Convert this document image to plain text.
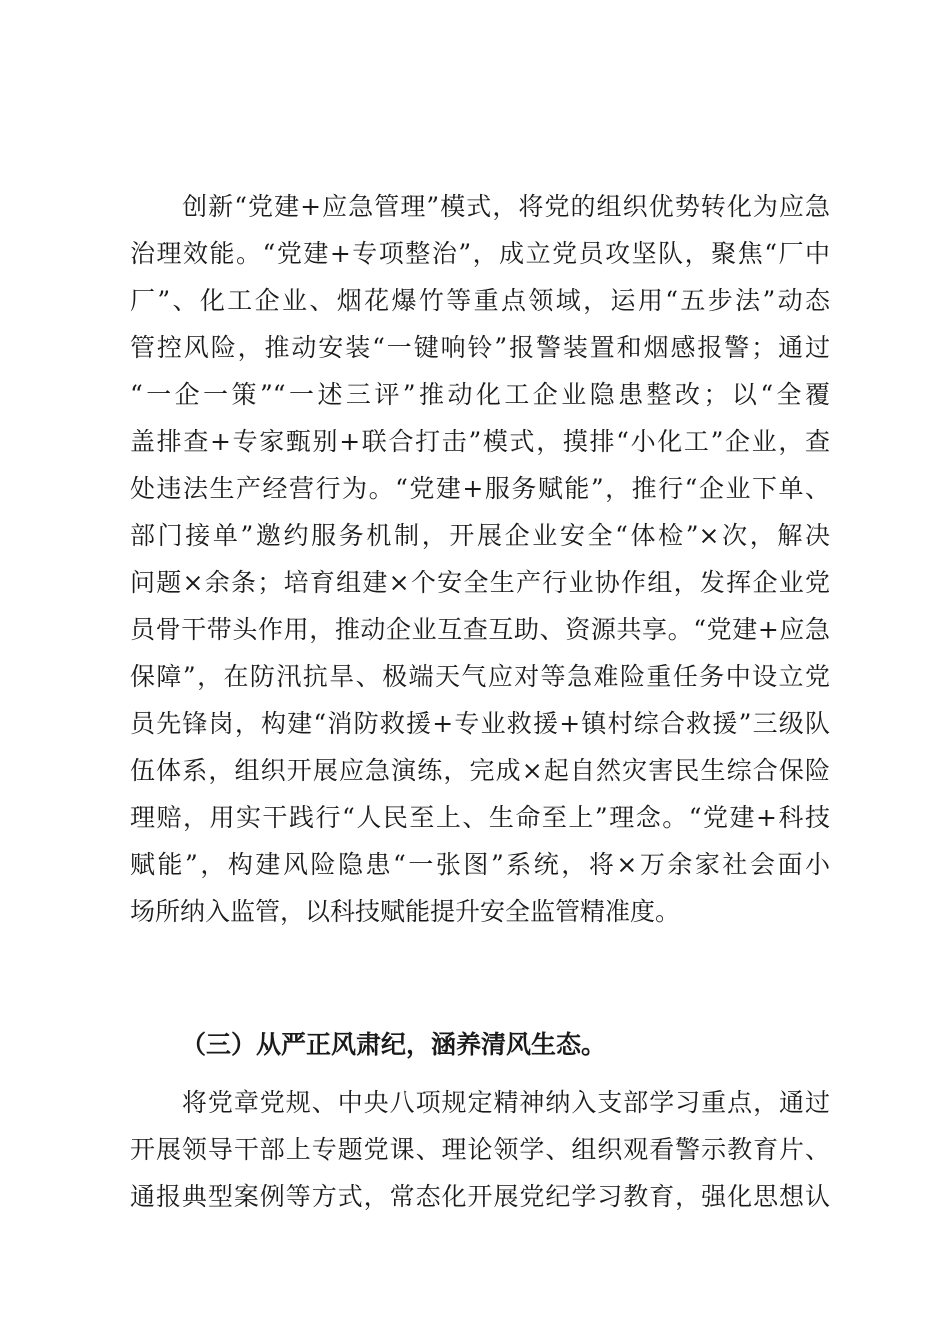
　　创新“党建+应急管理”模式，将党的组织优势转化为应急
治理效能。“党建+专项整治”，成立党员攻坚队，聚焦“厂中
厂”、化工企业、烟花爆竹等重点领域，运用“五步法”动态
管控风险，推动安装“一键响铃”报警装置和烟感报警；通过
“一企一策”“一述三评”推动化工企业隐患整改；以“全覆
盖排查+专家甄别+联合打击”模式，摸排“小化工”企业，查
处违法生产经营行为。“党建+服务赋能”，推行“企业下单、
部门接单”邀约服务机制，开展企业安全“体检”×次，解决
问题×余条；培育组建×个安全生产行业协作组，发挥企业党
员骨干带头作用，推动企业互查互助、资源共享。“党建+应急
保障”，在防汛抗旱、极端天气应对等急难险重任务中设立党
员先锋岗，构建“消防救援+专业救援+镇村综合救援”三级队
伍体系，组织开展应急演练，完成×起自然灾害民生综合保险
理赔，用实干践行“人民至上、生命至上”理念。“党建+科技
赋能”，构建风险隐患“一张图”系统，将×万余家社会面小
场所纳入监管，以科技赋能提升安全监管精准度。
（三）从严正风肃纪，涵养清风生态。
　　将党章党规、中央八项规定精神纳入支部学习重点，通过
开展领导干部上专题党课、理论领学、组织观看警示教育片、
通报典型案例等方式，常态化开展党纪学习教育，强化思想认
